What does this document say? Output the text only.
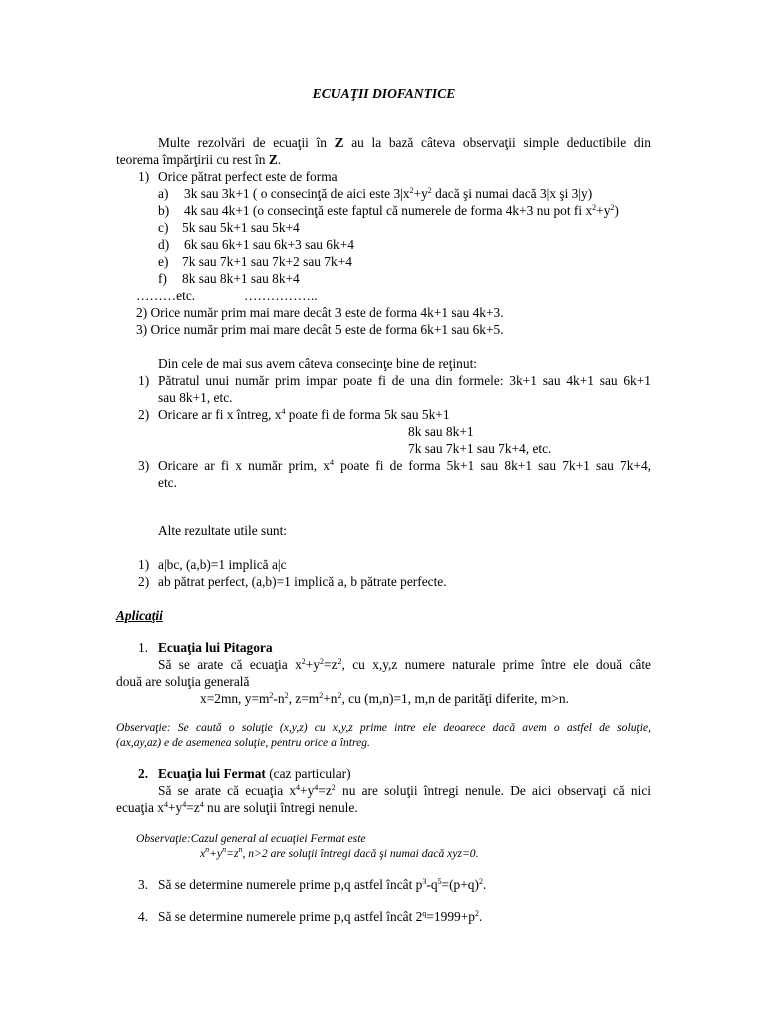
ECUAŢII DIOFANTICE
Multe rezolvări de ecuaţii în Z au la bază câteva observaţii simple deductibile din
teorema împărţirii cu rest în Z.
1) Orice pătrat perfect este de forma
a) 3k sau 3k+1 ( o consecinţă de aici este $3|x^2+y^2$ dacă şi numai dacă 3|x şi 3|y)
b) 4k sau 4k+1 (o consecinţă este faptul că numerele de forma 4k+3 nu pot fi $x^2+y^2$)
c) 5k sau 5k+1 sau 5k+4
d) 6k sau 6k+1 sau 6k+3 sau 6k+4
e) 7k sau 7k+1 sau 7k+2 sau 7k+4
f) 8k sau 8k+1 sau 8k+4
………etc.	……………..
2) Orice număr prim mai mare decât 3 este de forma 4k+1 sau 4k+3.
3) Orice număr prim mai mare decât 5 este de forma 6k+1 sau 6k+5.
Din cele de mai sus avem câteva consecinţe bine de reţinut:
1) Pătratul unui număr prim impar poate fi de una din formele: 3k+1 sau 4k+1 sau 6k+1
sau 8k+1, etc.
2) Oricare ar fi x întreg, $x^4$ poate fi de forma 5k sau 5k+1
8k sau 8k+1
7k sau 7k+1 sau 7k+4, etc.
3) Oricare ar fi x număr prim, $x^4$ poate fi de forma 5k+1 sau 8k+1 sau 7k+1 sau 7k+4,
etc.
Alte rezultate utile sunt:
1) a|bc, (a,b)=1 implică a|c
2) ab pătrat perfect, (a,b)=1 implică a, b pătrate perfecte.
Aplicaţii
1. Ecuaţia lui Pitagora
Să se arate că ecuaţia $x^2+y^2=z^2$, cu x,y,z numere naturale prime între ele două câte
două are soluţia generală
x=2mn, $y=m^2-n^2$, $z=m^2+n^2$, cu (m,n)=1, m,n de parităţi diferite, m>n.
Observaţie: Se caută o soluţie (x,y,z) cu x,y,z prime intre ele deoarece dacă avem o astfel de soluţie,
(ax,ay,az) e de asemenea soluţie, pentru orice a întreg.
2. Ecuaţia lui Fermat (caz particular)
Să se arate că ecuaţia $x^4+y^4=z^2$ nu are soluţii întregi nenule. De aici observaţi că nici
ecuaţia $x^4+y^4=z^4$ nu are soluţii întregi nenule.
Observaţie:Cazul general al ecuaţiei Fermat este
$x^n+y^n=z^n$, n>2 are soluţii întregi dacă şi numai dacă xyz=0.
3. Să se determine numerele prime p,q astfel încât $p^3-q^5=(p+q)^2$.
4. Să se determine numerele prime p,q astfel încât $2^q=1999+p^2$.
